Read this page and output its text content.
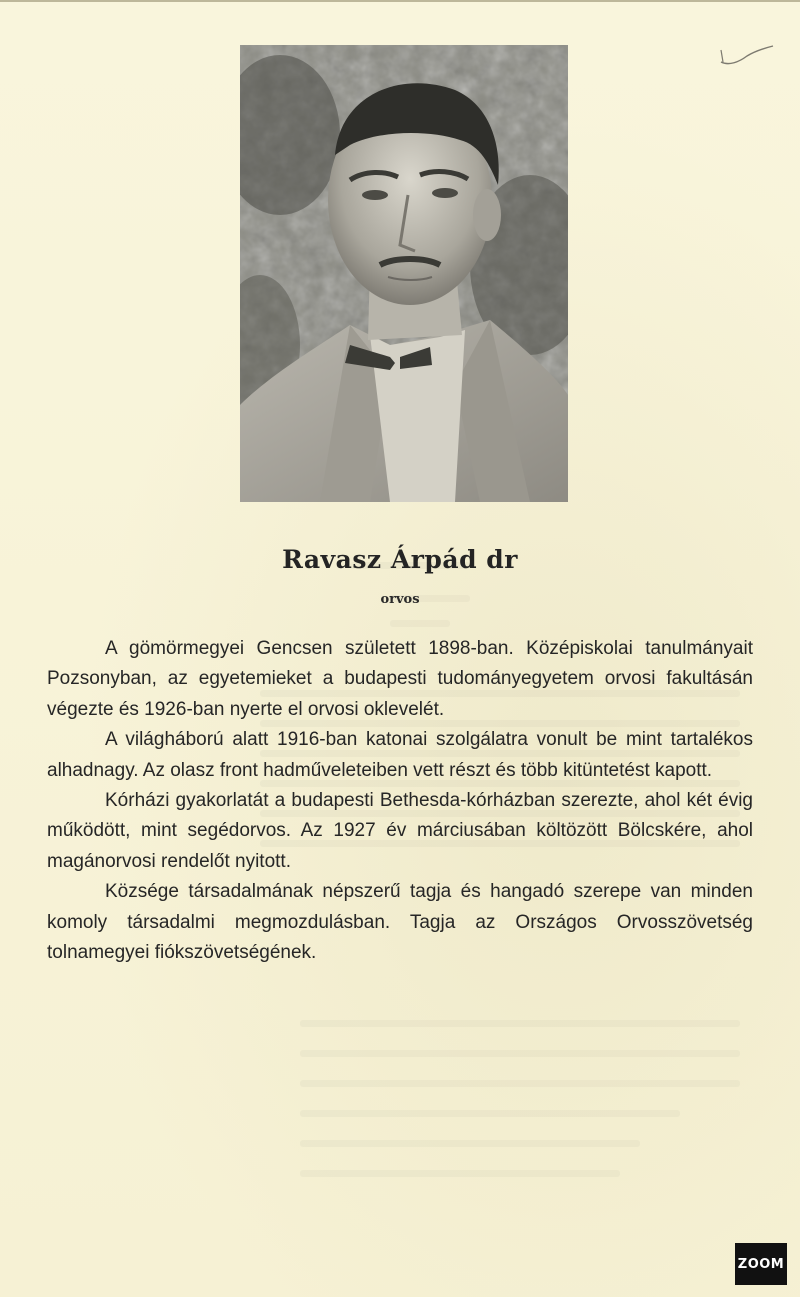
Ravasz Árpád dr
orvos

A gömörmegyei Gencsen született 1898-ban. Középiskolai tanulmányait Pozsonyban, az egyetemieket a budapesti tudományegyetem orvosi fakultásán végezte és 1926-ban nyerte el orvosi oklevelét.

A világháború alatt 1916-ban katonai szolgálatra vonult be mint tartalékos alhadnagy. Az olasz front hadműveleteiben vett részt és több kitüntetést kapott.

Kórházi gyakorlatát a budapesti Bethesda-kórházban szerezte, ahol két évig működött, mint segédorvos. Az 1927 év márciusában költözött Bölcskére, ahol magánorvosi rendelőt nyitott.

Községe társadalmának népszerű tagja és hangadó szerepe van minden komoly társadalmi megmozdulásban. Tagja az Országos Orvosszövetség tolnamegyei fiókszövetségének.

ZOOM
